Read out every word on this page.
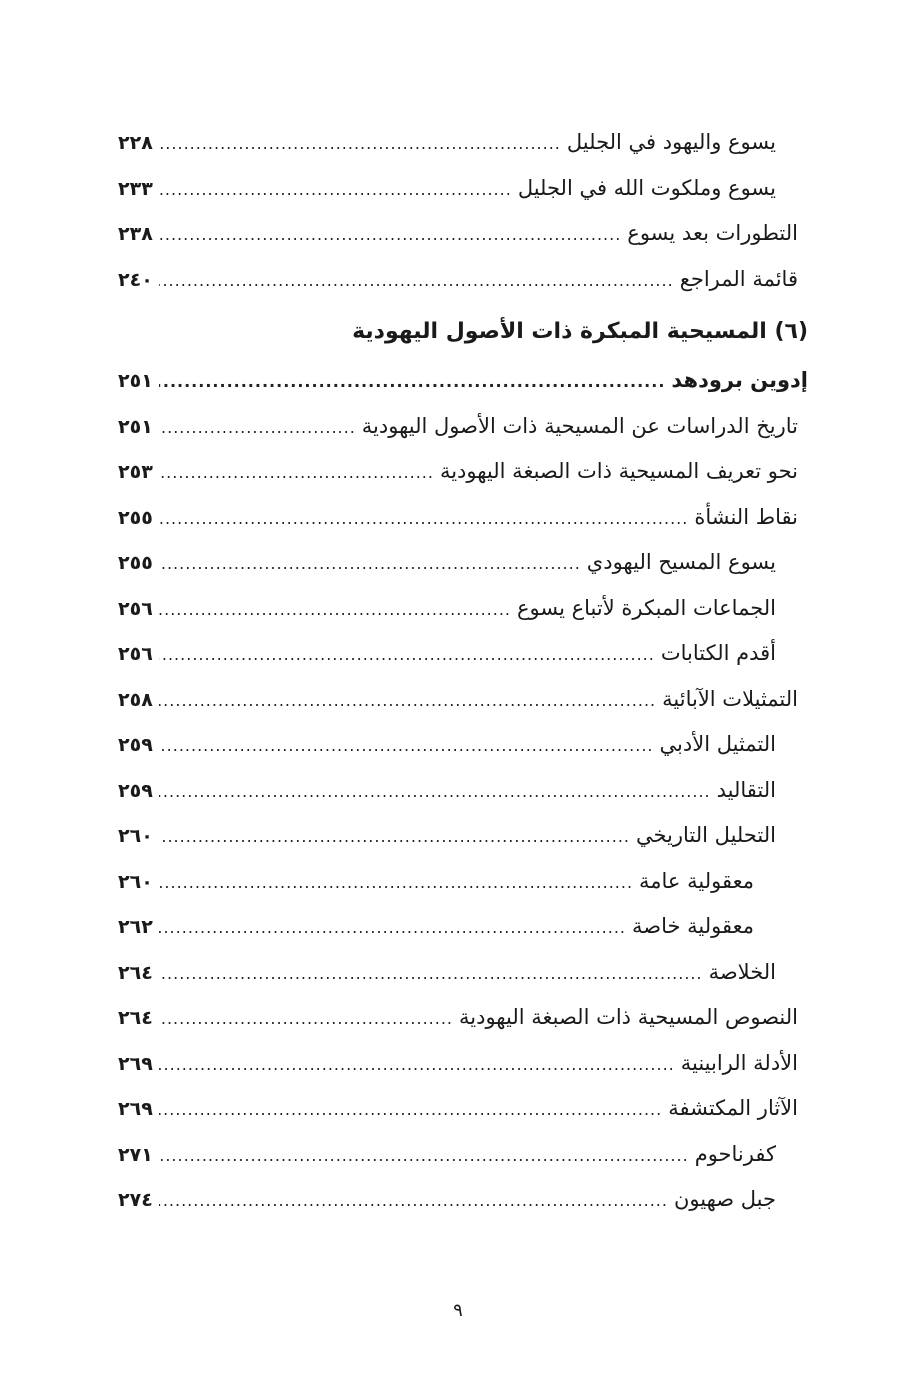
يسوع واليهود في الجليل
.....
٢٢٨
يسوع وملكوت الله في الجليل
.....
٢٣٣
التطورات بعد يسوع
.....
٢٣٨
قائمة المراجع
.....
٢٤٠
(٦) المسيحية المبكرة ذات الأصول اليهودية
إدوين برودهد
.....
٢٥١
تاريخ الدراسات عن المسيحية ذات الأصول اليهودية
.....
٢٥١
نحو تعريف المسيحية ذات الصبغة اليهودية
.....
٢٥٣
نقاط النشأة
.....
٢٥٥
يسوع المسيح اليهودي
.....
٢٥٥
الجماعات المبكرة لأتباع يسوع
.....
٢٥٦
أقدم الكتابات
.....
٢٥٦
التمثيلات الآبائية
.....
٢٥٨
التمثيل الأدبي
.....
٢٥٩
التقاليد
.....
٢٥٩
التحليل التاريخي
.....
٢٦٠
معقولية عامة
.....
٢٦٠
معقولية خاصة
.....
٢٦٢
الخلاصة
.....
٢٦٤
النصوص المسيحية ذات الصبغة اليهودية
.....
٢٦٤
الأدلة الرابينية
.....
٢٦٩
الآثار المكتشفة
.....
٢٦٩
كفرناحوم
.....
٢٧١
جبل صهيون
.....
٢٧٤
٩
